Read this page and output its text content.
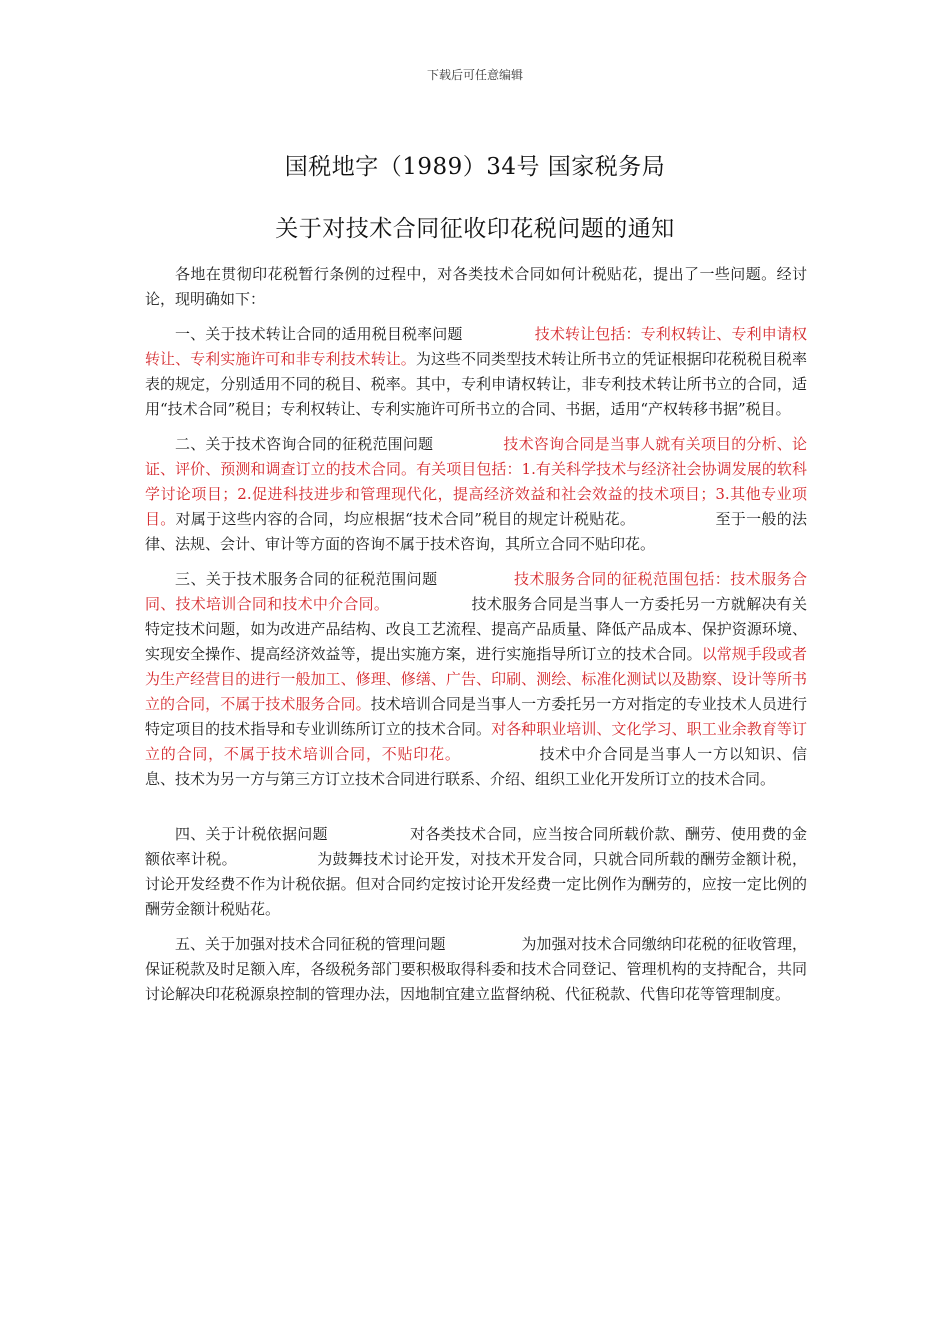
下载后可任意编辑
国税地字（1989）34号 国家税务局
关于对技术合同征收印花税问题的通知

各地在贯彻印花税暂行条例的过程中，对各类技术合同如何计税贴花，提出了一些问题。经讨论，现明确如下：

一、关于技术转让合同的适用税目税率问题	技术转让包括：专利权转让、专利申请权转让、专利实施许可和非专利技术转让。为这些不同类型技术转让所书立的凭证根据印花税税目税率表的规定，分别适用不同的税目、税率。其中，专利申请权转让，非专利技术转让所书立的合同，适用“技术合同”税目；专利权转让、专利实施许可所书立的合同、书据，适用“产权转移书据”税目。

二、关于技术咨询合同的征税范围问题	技术咨询合同是当事人就有关项目的分析、论证、评价、预测和调查订立的技术合同。有关项目包括：1.有关科学技术与经济社会协调发展的软科学讨论项目；2.促进科技进步和管理现代化，提高经济效益和社会效益的技术项目；3.其他专业项目。对属于这些内容的合同，均应根据“技术合同”税目的规定计税贴花。	至于一般的法律、法规、会计、审计等方面的咨询不属于技术咨询，其所立合同不贴印花。

三、关于技术服务合同的征税范围问题	技术服务合同的征税范围包括：技术服务合同、技术培训合同和技术中介合同。	技术服务合同是当事人一方委托另一方就解决有关特定技术问题，如为改进产品结构、改良工艺流程、提高产品质量、降低产品成本、保护资源环境、实现安全操作、提高经济效益等，提出实施方案，进行实施指导所订立的技术合同。以常规手段或者为生产经营目的进行一般加工、修理、修缮、广告、印刷、测绘、标准化测试以及勘察、设计等所书立的合同，不属于技术服务合同。技术培训合同是当事人一方委托另一方对指定的专业技术人员进行特定项目的技术指导和专业训练所订立的技术合同。对各种职业培训、文化学习、职工业余教育等订立的合同，不属于技术培训合同，不贴印花。	技术中介合同是当事人一方以知识、信息、技术为另一方与第三方订立技术合同进行联系、介绍、组织工业化开发所订立的技术合同。

四、关于计税依据问题	对各类技术合同，应当按合同所载价款、酬劳、使用费的金额依率计税。	为鼓舞技术讨论开发，对技术开发合同，只就合同所载的酬劳金额计税，讨论开发经费不作为计税依据。但对合同约定按讨论开发经费一定比例作为酬劳的，应按一定比例的酬劳金额计税贴花。

五、关于加强对技术合同征税的管理问题	为加强对技术合同缴纳印花税的征收管理，保证税款及时足额入库，各级税务部门要积极取得科委和技术合同登记、管理机构的支持配合，共同讨论解决印花税源泉控制的管理办法，因地制宜建立监督纳税、代征税款、代售印花等管理制度。
